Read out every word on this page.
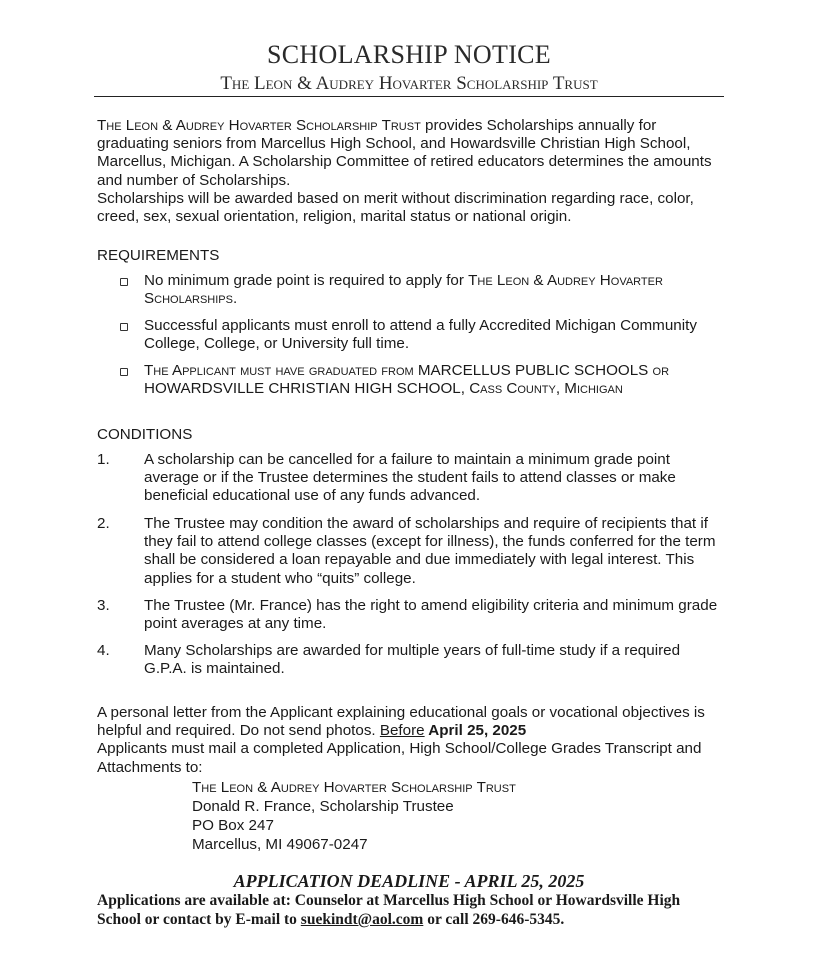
SCHOLARSHIP NOTICE
The Leon & Audrey Hovarter Scholarship Trust

The Leon & Audrey Hovarter Scholarship Trust provides Scholarships annually for graduating seniors from Marcellus High School, and Howardsville Christian High School, Marcellus, Michigan. A Scholarship Committee of retired educators determines the amounts and number of Scholarships.

Scholarships will be awarded based on merit without discrimination regarding race, color, creed, sex, sexual orientation, religion, marital status or national origin.

REQUIREMENTS
No minimum grade point is required to apply for The Leon & Audrey Hovarter Scholarships.
Successful applicants must enroll to attend a fully Accredited Michigan Community College, College, or University full time.
The Applicant must have graduated from MARCELLUS PUBLIC SCHOOLS or HOWARDSVILLE CHRISTIAN HIGH SCHOOL, Cass County, Michigan
CONDITIONS
1. A scholarship can be cancelled for a failure to maintain a minimum grade point average or if the Trustee determines the student fails to attend classes or make beneficial educational use of any funds advanced.
2. The Trustee may condition the award of scholarships and require of recipients that if they fail to attend college classes (except for illness), the funds conferred for the term shall be considered a loan repayable and due immediately with legal interest. This applies for a student who “quits” college.
3. The Trustee (Mr. France) has the right to amend eligibility criteria and minimum grade point averages at any time.
4. Many Scholarships are awarded for multiple years of full-time study if a required G.P.A. is maintained.

A personal letter from the Applicant explaining educational goals or vocational objectives is helpful and required. Do not send photos. Before April 25, 2025

Applicants must mail a completed Application, High School/College Grades Transcript and Attachments to:

The Leon & Audrey Hovarter Scholarship Trust
Donald R. France, Scholarship Trustee
PO Box 247
Marcellus, MI 49067-0247
APPLICATION DEADLINE - APRIL 25, 2025
Applications are available at: Counselor at Marcellus High School or Howardsville High School or contact by E-mail to suekindt@aol.com or call 269-646-5345.
